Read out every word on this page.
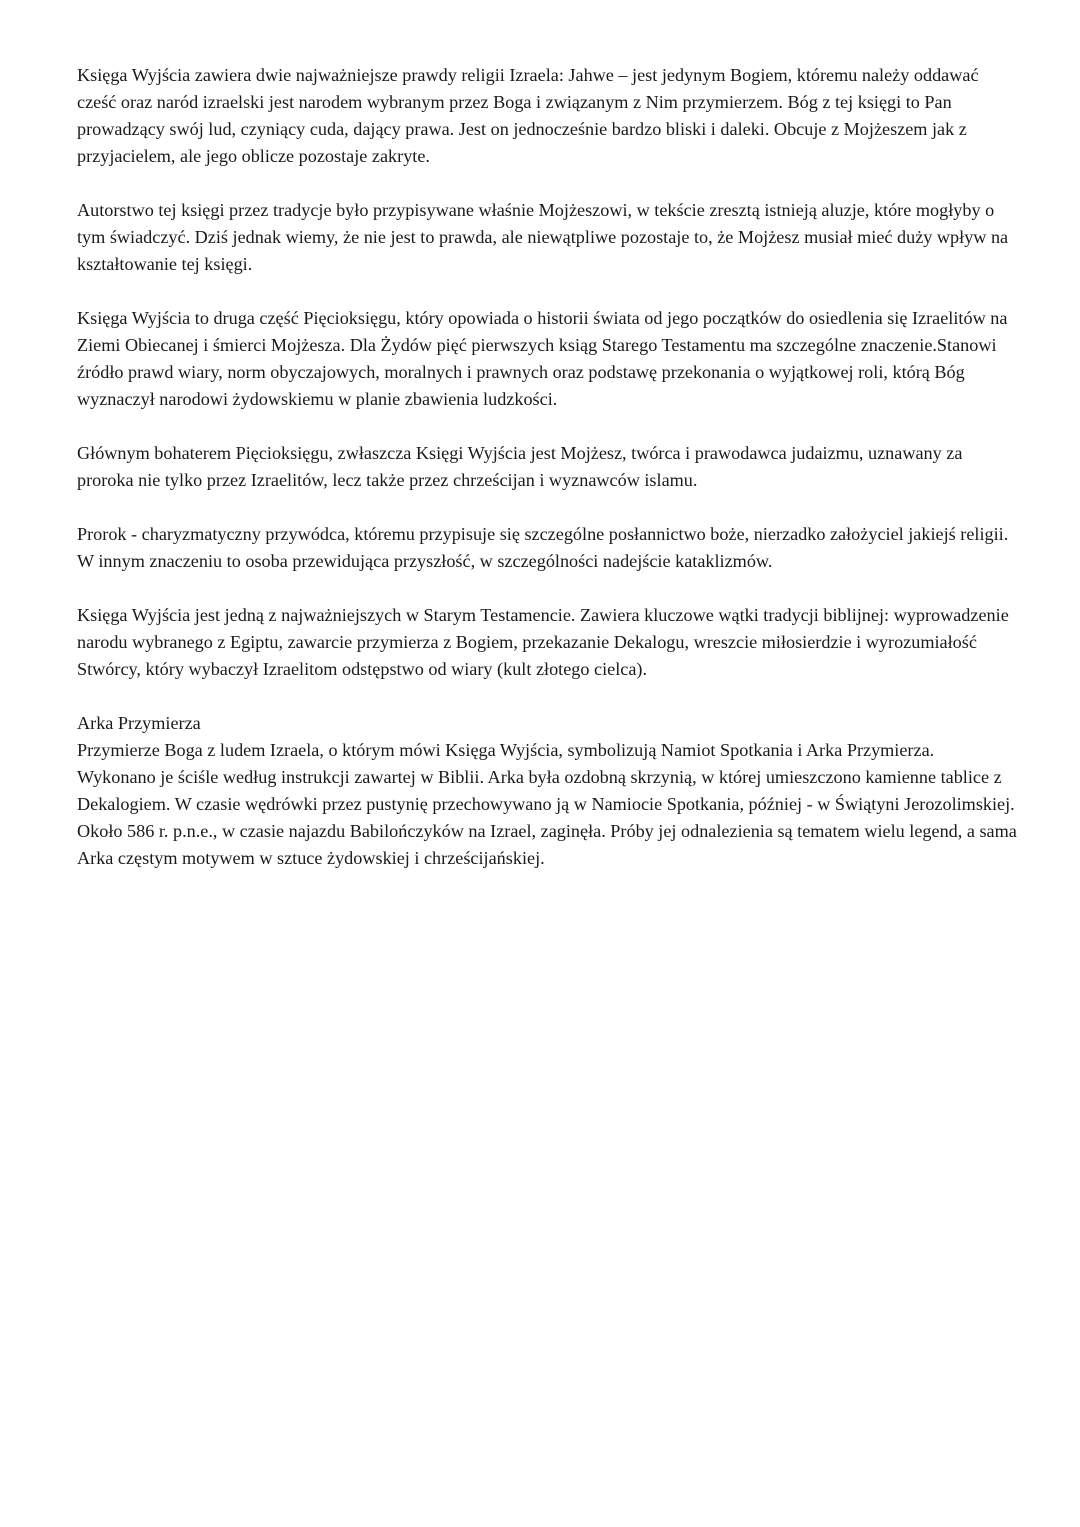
Księga Wyjścia zawiera dwie najważniejsze prawdy religii Izraela: Jahwe – jest jedynym Bogiem, któremu należy oddawać cześć oraz naród izraelski jest narodem wybranym przez Boga i związanym z Nim przymierzem. Bóg z tej księgi to Pan prowadzący swój lud, czyniący cuda, dający prawa. Jest on jednocześnie bardzo bliski i daleki. Obcuje z Mojżeszem jak z przyjacielem, ale jego oblicze pozostaje zakryte.

Autorstwo tej księgi przez tradycje było przypisywane właśnie Mojżeszowi, w tekście zresztą istnieją aluzje, które mogłyby o tym świadczyć. Dziś jednak wiemy, że nie jest to prawda, ale niewątpliwe pozostaje to, że Mojżesz musiał mieć duży wpływ na kształtowanie tej księgi.

Księga Wyjścia to druga część Pięcioksięgu, który opowiada o historii świata od jego początków do osiedlenia się Izraelitów na Ziemi Obiecanej i śmierci Mojżesza. Dla Żydów pięć pierwszych ksiąg Starego Testamentu ma szczególne znaczenie.Stanowi źródło prawd wiary, norm obyczajowych, moralnych i prawnych oraz podstawę przekonania o wyjątkowej roli, którą Bóg wyznaczył narodowi żydowskiemu w planie zbawienia ludzkości.

Głównym bohaterem Pięcioksięgu, zwłaszcza Księgi Wyjścia jest Mojżesz, twórca i prawodawca judaizmu, uznawany za proroka nie tylko przez Izraelitów, lecz także przez chrześcijan i wyznawców islamu.

Prorok - charyzmatyczny przywódca, któremu przypisuje się szczególne posłannictwo boże, nierzadko założyciel jakiejś religii. W innym znaczeniu to osoba przewidująca przyszłość, w szczególności nadejście kataklizmów.

Księga Wyjścia jest jedną z najważniejszych w Starym Testamencie. Zawiera kluczowe wątki tradycji biblijnej: wyprowadzenie narodu wybranego z Egiptu, zawarcie przymierza z Bogiem, przekazanie Dekalogu, wreszcie miłosierdzie i wyrozumiałość Stwórcy, który wybaczył Izraelitom odstępstwo od wiary (kult złotego cielca).

Arka Przymierza
Przymierze Boga z ludem Izraela, o którym mówi Księga Wyjścia, symbolizują Namiot Spotkania i Arka Przymierza. Wykonano je ściśle według instrukcji zawartej w Biblii. Arka była ozdobną skrzynią, w której umieszczono kamienne tablice z Dekalogiem. W czasie wędrówki przez pustynię przechowywano ją w Namiocie Spotkania, później - w Świątyni Jerozolimskiej. Około 586 r. p.n.e., w czasie najazdu Babilończyków na Izrael, zaginęła. Próby jej odnalezienia są tematem wielu legend, a sama Arka częstym motywem w sztuce żydowskiej i chrześcijańskiej.
